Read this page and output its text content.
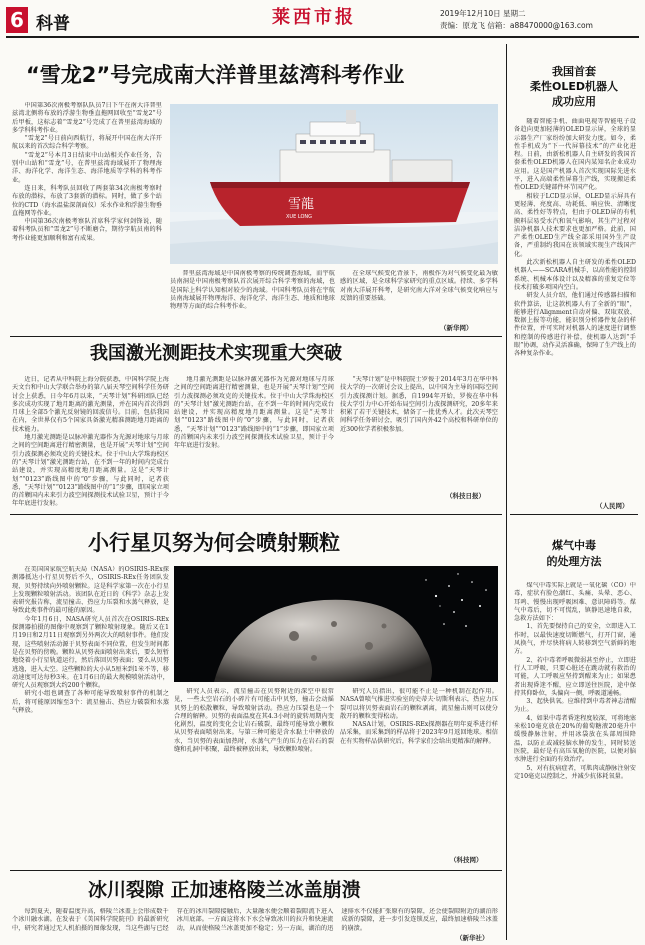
6 科普	莱西市报	2019年12月10日 星期二
责编：原龙飞 信箱：a88470000@163.com
“雪龙2”号完成南大洋普里兹湾科考作业

中国第36次南极考察队队员7日下午在南大洋普里兹湾北侧将布放的浮游生物垂直拖网回收至“雪龙2”号后甲板，这标志着“雪龙2”号完成了在普里兹湾海域的多学科科考作业。

“雪龙2”号日前向西航行，将展开中国在南大洋开航以来的首次综合科学考察。

“雪龙2”号本月3日结束中山站相关作业任务，告别中山站和“雪龙”号，在普里兹湾海域展开了物理海洋、海洋化学、海洋生态、海洋地质等学科的科考作业。

连日来，科考队员回收了两套第34次南极考察时布放的潜标，布放了3套新的潜标。同时，做了多个站位的CTD（海水温盐深剖面仪）采水作业和浮游生物垂直拖网等作业。

中国第36次南极考察队首席科学家何剑锋说，随着科考队员和“雪龙2”号不断磨合，期待字航员南的科考作业能更加顺利和富有成果。

雪龍
XUE LONG

普里兹湾海域是中国南极考察的传统调查海域，而宇航员南洞是中国南极考察队首次展开综合科学考察的海域，也是国际上科学认知相对较少的海域。中国科考队员将在宇航员南海域展开物理海洋、海洋化学、海洋生态、地质和地球物理等方面的综合科考作业。

在全球气候变化背景下，南极作为对气候变化最为敏感的区域，是全球科学家研究的重点区域。持续、多学科对南大洋展开科考，是研究南大洋对全球气候变化响应与反馈的重要基础。

（新华网）
我国激光测距技术实现重大突破

近日，记者从中科院上海分院获悉，中国科学院上海天文台和中山大学联合举办的第八届天琴空间科学任务研讨会上获悉，日今年6月以来，“天琴计划”科研团队已经多次成功实现了地月距离的激光测量，并在国内首次得到月球上全部5个激光反射镜的回波信号。目前，包括我国在内，全世界仅有5个国家具备激光精准测距地月距离的技术能力。

地月激光测距是以脉冲激光器作为光源对地球与月球之间的空间距离进行精密测量，也是开展“天琴计划”空间引力波探测必须攻克的关键技术。位于中山大学珠海校区的“天琴计划”激光测距台站，在不到一年的时间内完成台站建设，并实现高精度地月距离测量。这是“天琴计划”“0123”路线图中的“0”步骤，与此同时，记者获悉，“天琴计划”“0123”路线图中的“1”步骤，即国家立项的首颗国内未来引力波空间探测技术试验卫星，预计于今年年底进行发射。

地月激光测距是以脉冲激光器作为光源对地球与月球之间的空间距离进行精密测量，也是开展“天琴计划”空间引力波探测必须攻克的关键技术。位于中山大学珠海校区的“天琴计划”激光测距台站，在不到一年的时间内完成台站建设，并实现高精度地月距离测量。这是“天琴计划”“0123”路线图中的“0”步骤，与此同时，记者获悉，“天琴计划”“0123”路线图中的“1”步骤，即国家立项的首颗国内未来引力波空间探测技术试验卫星，预计于今年年底进行发射。

“天琴计划”是中科院院士罗俊于2014年3月在华中科技大学的一次研讨会议上提出，以中国为主导的国际空间引力波探测计划。据悉，自1994年开始，罗俊在华中科技大学引力中心开始布局空间引力波探测研究，20多年来积累了若干关键技术，储备了一批优秀人才。此次天琴空间科学任务研讨会，吸引了国内外42个高校和科研单位的近300位学者积极参加。

（科技日报）
小行星贝努为何会喷射颗粒

在美国国家航空航天局（NASA）的OSIRIS-REx探测器抵达小行星贝努后不久，OSIRIS-REx任务团队发现，贝努持续向外喷射颗粒。这是科学家第一次在小行星上发现颗粒喷射活动。该团队在近日的《科学》杂志上发表研究报告称，流星撞击、热应力压裂和水蒸气释放，是导致此类事件的最可能的原因。

今年1月6日，NASA研究人员首次在OSIRIS-REx探测器拍摄的图像中观察到了颗粒喷射现象。随后又在1月19日和2月11日观察到另外两次大的喷射事件。他们发现，这些喷射活动源于贝努表面不同位置，但发生时间都是在贝努的傍晚。颗粒从贝努表面喷射出来后，要么短暂地绕着小行星轨道运行，然后落回贝努表面；要么从贝努逃逸，进入太空。这些颗粒的大小从5厘米到1米不等，移动速度可达每秒3米。在1月6日的最大规模喷射活动中，研究人员观察到大约200个颗粒。

研究小组也调查了各种可能导致喷射事件的机制之后，将可能原因缩至3个：流星撞击、热应力破裂和水蒸气释放。

研究人员表示，流星撞击在贝努附近的深空中很常见，一些太空岩石的小碎片有可能击中贝努，撞击会动摇贝努上的松散颗粒，导致喷射活动。热应力压裂也是一个合理的解释。贝努的表面温度在其4.3小时的旋转周期内变化剧烈，温度的变化会让岩石破裂，最终可能导致小颗粒从贝努表面喷射出来。与第三种可能是含水黏土中释放的水，当贝努的表面加热时，水蒸气产生的压力在岩石的裂缝和孔洞中积聚，最终被释放出来，导致颗粒喷射。

研究人员指出，很可能不止是一种机制在起作用。NASA曾喷气推进实验室的史蒂夫·切斯利表示，热应力压裂可以将贝努表面岩石的颗粒剥离，流星撞击则可以使分散开的颗粒变得松动。

NASA计划，OSIRIS-REx探测器在明年夏季进行样品采集，而采集到的样品将于2023年9月返回地球。相信在有实物样品供研究后，科学家们会给出更精准的解释。

（科技网）
冰川裂隙 正加速格陵兰冰盖崩溃

每到夏天，随着温度升高，格陵兰冰盖上会形成数千个冰川融水湖。在发表于《美国科学院院刊》的最新研究中，研究者通过无人机拍摄的图像发现，当这些湖与已经存在的冰川裂隙接触后，大量融水便会顺着裂隙流下进入冰川底部。一方面这将水下水会导致冰川的拉升和快速流动，从而使格陵兰冰盖更加不稳定；另一方面，湖泊的迅速排水不仅能扩张原有的裂隙，还会使裂隙附近的湖泊形成新的裂隙，进一步引发连锁反应，最终加速格陵兰冰盖的崩溃。

（新华社）
我国首套
柔性OLED机器人
成功应用

随着智能手机、曲面电视等智能电子设备趋向更加轻薄的OLED显示屏，全球的显示器生产厂家纷纷加大研发力度。如今，柔性手机成为“下一代屏幕技术”的产业化进程。日前，由新松机器人自主研发的我国首套柔性OLED机器人在国内某知名企业成功应用。这是国产机器人首次实现国际先进水平，进入高端柔性屏幕生产线，实现搬运柔性OLED关键部件环节国产化。

相较于LCD显示屏，OLED显示屏具有更轻薄、亮度高、功耗低、响应快、清晰度高、柔性好等特点，但由于OLED屏的有机膜料层易受水汽和氧气影响，其生产过程对洁净机器人技术要求也更加严格。此前，国产柔性OLED生产线全部采用国外生产设备，严重制约我国在该领域实现生产线国产化。

此次新松机器人自主研发的柔性OLED机器人——SCARA机械手，以高性能的控制系统、机械本体设计以及精准的重复定位等技术打破多项国内空白。

研发人员介绍，他们通过传感器扫描和软件算法，让这款机器人有了全新的“眼”，能够进行Alignment自动对偏、双取双放、数据上报等功能，能识别分析器件复杂的样件位置，并可实时对机器人的速度进行调整和控制的传感进行补偿，使机器人达到“手眼”协调，动作灵活准确，保障了生产线上的各种复杂作业。

（人民网）
煤气中毒
的处理方法

煤气中毒实际上就是一氧化碳（CO）中毒，症状有脸色潮红、头痛、头晕、恶心、耳鸣、慢慢出现呼吸困难、意识障碍等。煤气中毒后，切不可慌乱，镇静迅速地自救，急救方法如下：

1、首先要保持自己的安全，立即进入工作时，以最快速度切断燃气，打开门窗，通风换气，并尽快将病人转移到空气新鲜的地方。

2、若中毒者呼吸微弱甚至停止，立即进行人工呼吸，只要心脏还在跳动就有救治的可能，人工呼吸应坚持到醒来为止；如果患者出现昏迷不醒，应立即送往医院，途中保持其仰卧位，头偏向一侧，呼吸道通畅。

3、起快供氧。应维持到中毒者神志清醒为止。

4、如果中毒者昏迷程度较深，可将地塞米松10毫克放在20%的葡萄糖液20毫升中缓慢静脉注射，并用冰袋放在头部周围降温，以防止或减轻脑水肿的发生，同时转送医院，最好是有高压氧舱的医院，以便对脑水肿进行全面的有效治疗。

5、对有抗病症者，可肌肉或静脉注射安定10毫克以控制之，并减少抗体耗氧量。
